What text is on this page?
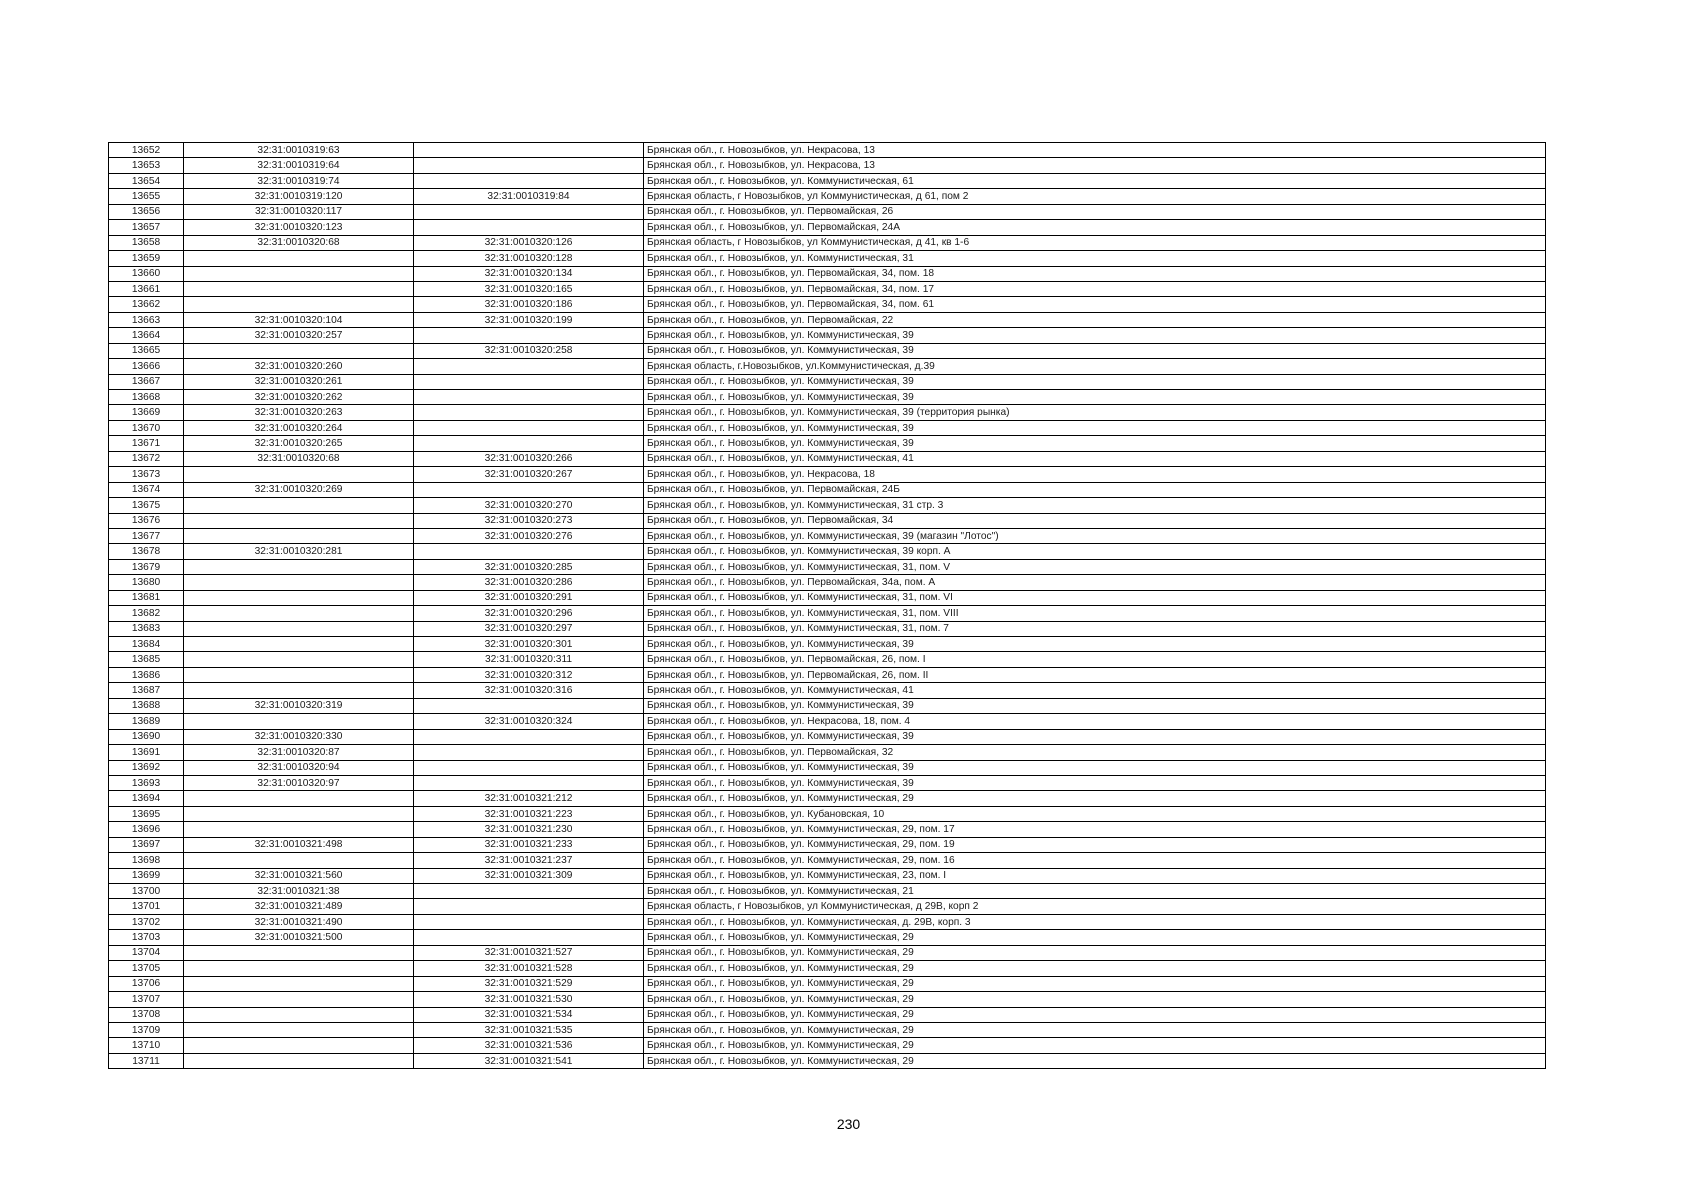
13652	32:31:0010319:63		Брянская обл., г. Новозыбков, ул. Некрасова, 13
13653	32:31:0010319:64		Брянская обл., г. Новозыбков, ул. Некрасова, 13
13654	32:31:0010319:74		Брянская обл., г. Новозыбков, ул. Коммунистическая, 61
13655	32:31:0010319:120	32:31:0010319:84	Брянская область, г Новозыбков, ул Коммунистическая, д 61, пом 2
13656	32:31:0010320:117		Брянская обл., г. Новозыбков, ул. Первомайская, 26
13657	32:31:0010320:123		Брянская обл., г. Новозыбков, ул. Первомайская, 24А
13658	32:31:0010320:68	32:31:0010320:126	Брянская область, г Новозыбков, ул Коммунистическая, д 41, кв 1-6
13659		32:31:0010320:128	Брянская обл., г. Новозыбков, ул. Коммунистическая, 31
13660		32:31:0010320:134	Брянская обл., г. Новозыбков, ул. Первомайская, 34, пом. 18
13661		32:31:0010320:165	Брянская обл., г. Новозыбков, ул. Первомайская, 34, пом. 17
13662		32:31:0010320:186	Брянская обл., г. Новозыбков, ул. Первомайская, 34, пом. 61
13663	32:31:0010320:104	32:31:0010320:199	Брянская обл., г. Новозыбков, ул. Первомайская, 22
13664	32:31:0010320:257		Брянская обл., г. Новозыбков, ул. Коммунистическая, 39
13665		32:31:0010320:258	Брянская обл., г. Новозыбков, ул. Коммунистическая, 39
13666	32:31:0010320:260		Брянская область, г.Новозыбков, ул.Коммунистическая, д.39
13667	32:31:0010320:261		Брянская обл., г. Новозыбков, ул. Коммунистическая, 39
13668	32:31:0010320:262		Брянская обл., г. Новозыбков, ул. Коммунистическая, 39
13669	32:31:0010320:263		Брянская обл., г. Новозыбков, ул. Коммунистическая, 39 (территория рынка)
13670	32:31:0010320:264		Брянская обл., г. Новозыбков, ул. Коммунистическая, 39
13671	32:31:0010320:265		Брянская обл., г. Новозыбков, ул. Коммунистическая, 39
13672	32:31:0010320:68	32:31:0010320:266	Брянская обл., г. Новозыбков, ул. Коммунистическая, 41
13673		32:31:0010320:267	Брянская обл., г. Новозыбков, ул. Некрасова, 18
13674	32:31:0010320:269		Брянская обл., г. Новозыбков, ул. Первомайская, 24Б
13675		32:31:0010320:270	Брянская обл., г. Новозыбков, ул. Коммунистическая, 31 стр. 3
13676		32:31:0010320:273	Брянская обл., г. Новозыбков, ул. Первомайская, 34
13677		32:31:0010320:276	Брянская обл., г. Новозыбков, ул. Коммунистическая, 39 (магазин "Лотос")
13678	32:31:0010320:281		Брянская обл., г. Новозыбков, ул. Коммунистическая, 39 корп. А
13679		32:31:0010320:285	Брянская обл., г. Новозыбков, ул. Коммунистическая, 31, пом. V
13680		32:31:0010320:286	Брянская обл., г. Новозыбков, ул. Первомайская, 34а, пом. А
13681		32:31:0010320:291	Брянская обл., г. Новозыбков, ул. Коммунистическая, 31, пом. VI
13682		32:31:0010320:296	Брянская обл., г. Новозыбков, ул. Коммунистическая, 31, пом. VIII
13683		32:31:0010320:297	Брянская обл., г. Новозыбков, ул. Коммунистическая, 31, пом. 7
13684		32:31:0010320:301	Брянская обл., г. Новозыбков, ул. Коммунистическая, 39
13685		32:31:0010320:311	Брянская обл., г. Новозыбков, ул. Первомайская, 26, пом. I
13686		32:31:0010320:312	Брянская обл., г. Новозыбков, ул. Первомайская, 26, пом. II
13687		32:31:0010320:316	Брянская обл., г. Новозыбков, ул. Коммунистическая, 41
13688	32:31:0010320:319		Брянская обл., г. Новозыбков, ул. Коммунистическая, 39
13689		32:31:0010320:324	Брянская обл., г. Новозыбков, ул. Некрасова, 18, пом. 4
13690	32:31:0010320:330		Брянская обл., г. Новозыбков, ул. Коммунистическая, 39
13691	32:31:0010320:87		Брянская обл., г. Новозыбков, ул. Первомайская, 32
13692	32:31:0010320:94		Брянская обл., г. Новозыбков, ул. Коммунистическая, 39
13693	32:31:0010320:97		Брянская обл., г. Новозыбков, ул. Коммунистическая, 39
13694		32:31:0010321:212	Брянская обл., г. Новозыбков, ул. Коммунистическая, 29
13695		32:31:0010321:223	Брянская обл., г. Новозыбков, ул. Кубановская, 10
13696		32:31:0010321:230	Брянская обл., г. Новозыбков, ул. Коммунистическая, 29, пом. 17
13697	32:31:0010321:498	32:31:0010321:233	Брянская обл., г. Новозыбков, ул. Коммунистическая, 29, пом. 19
13698		32:31:0010321:237	Брянская обл., г. Новозыбков, ул. Коммунистическая, 29, пом. 16
13699	32:31:0010321:560	32:31:0010321:309	Брянская обл., г. Новозыбков, ул. Коммунистическая, 23, пом. I
13700	32:31:0010321:38		Брянская обл., г. Новозыбков, ул. Коммунистическая, 21
13701	32:31:0010321:489		Брянская область, г Новозыбков, ул Коммунистическая, д 29В, корп 2
13702	32:31:0010321:490		Брянская обл., г. Новозыбков, ул. Коммунистическая, д. 29В, корп. 3
13703	32:31:0010321:500		Брянская обл., г. Новозыбков, ул. Коммунистическая, 29
13704		32:31:0010321:527	Брянская обл., г. Новозыбков, ул. Коммунистическая, 29
13705		32:31:0010321:528	Брянская обл., г. Новозыбков, ул. Коммунистическая, 29
13706		32:31:0010321:529	Брянская обл., г. Новозыбков, ул. Коммунистическая, 29
13707		32:31:0010321:530	Брянская обл., г. Новозыбков, ул. Коммунистическая, 29
13708		32:31:0010321:534	Брянская обл., г. Новозыбков, ул. Коммунистическая, 29
13709		32:31:0010321:535	Брянская обл., г. Новозыбков, ул. Коммунистическая, 29
13710		32:31:0010321:536	Брянская обл., г. Новозыбков, ул. Коммунистическая, 29
13711		32:31:0010321:541	Брянская обл., г. Новозыбков, ул. Коммунистическая, 29
230
